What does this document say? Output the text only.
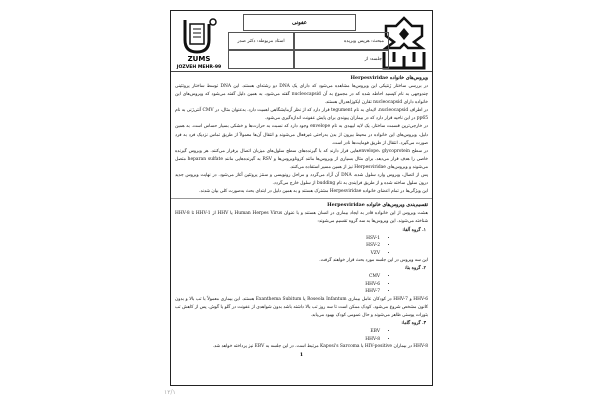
ZUMS
JOZVEH MEHR-99
عفونی
مبحث: هرپس ویریده
استاد مربوطه: دکتر صدر
جلسه: از
ویروس‌های خانواده Herpesviridae

در بررسی ساختار ژنتیکی این ویروس‌ها مشاهده می‌شود که دارای یک DNA دو رشته‌ای هستند. این DNA توسط ساختار پروتئینی چندوجهی به نام کپسید احاطه شده که در مجموع به آن nucleocapsid گفته می‌شود، به همین دلیل گفته می‌شود که ویروس‌های این خانواده دارای nucleocapsid تقارن ایکوزاهدرال هستند.

در اطراف nucleocapsid، لایه‌ای به نام tegument قرار دارد که از نظر آزمایشگاهی اهمیت دارد. به‌عنوان مثال، در CMV آنتی‌ژنی به نام pp65 در این ناحیه قرار دارد که در بیماران پیوندی برای پایش عفونت اندازه‌گیری می‌شود.

در خارجی‌ترین قسمت ساختار، یک لایه لیپیدی به نام envelope وجود دارد که نسبت به حرارت‌ها و خشکی بسیار حساس است. به همین دلیل، ویروس‌های این خانواده در محیط بیرون از بدن به‌راحتی غیرفعال می‌شوند و انتقال آن‌ها معمولاً از طریق تماس نزدیک فرد به فرد صورت می‌گیرد. انتقال از طریق فومایت‌ها نادر است.

در سطح envelope، glycoprotein‌هایی قرار دارند که با گیرنده‌های سطح سلول‌های میزبان اتصال برقرار می‌کنند. هر ویروس گیرنده خاصی را هدف قرار می‌دهد. برای مثال بسیاری از ویروس‌ها مانند کروناویروس‌ها و RSV به گیرنده‌هایی مانند heparan sulfate متصل می‌شوند و ویروس‌های Herpesviridae نیز از همین مسیر استفاده می‌کنند.

پس از اتصال، ویروس وارد سلول شده، DNA آن آزاد می‌گردد و مراحل رونویسی و سنتز پروتئین آغاز می‌شود. در نهایت ویروس جدید درون سلول ساخته شده و از طریق فرایندی به نام budding از سلول خارج می‌گردد.

این ویژگی‌ها در تمام اعضای خانواده Herpesviridae مشترک هستند و به همین دلیل در ابتدای بحث به‌صورت کلی بیان شدند.

تقسیم‌بندی ویروس‌های خانواده Herpesviridae

هشت ویروس از این خانواده قادر به ایجاد بیماری در انسان هستند و با عنوان Human Herpes Virus یا HHV از HHV-1 تا HHV-8 شناخته می‌شوند. این ویروس‌ها به سه گروه تقسیم می‌شوند:

۱. گروه آلفا:

• HSV-1
• HSV-2
• VZV

این سه ویروس در این جلسه مورد بحث قرار خواهند گرفت.

۲. گروه بتا:

• CMV
• HHV-6
• HHV-7

HHV-6 و HHV-7 در کودکان عامل بیماری Roseola Infantum یا Exanthema Subitum هستند. این بیماری معمولاً با تب بالا و بدون کانون مشخص شروع می‌شود. کودک ممکن است تا سه روز تب بالا داشته باشد بدون شواهدی از عفونت در گلو یا گوش. پس از کاهش تب بثورات پوستی ظاهر می‌شوند و حال عمومی کودک بهبود می‌یابد.

۳. گروه گاما:

• EBV
• HHV-8

HHV-8 در بیماران HIV-positive با Kaposi's Sarcoma مرتبط است. در این جلسه به EBV نیز پرداخته خواهد شد.

1

۱۲/۱
